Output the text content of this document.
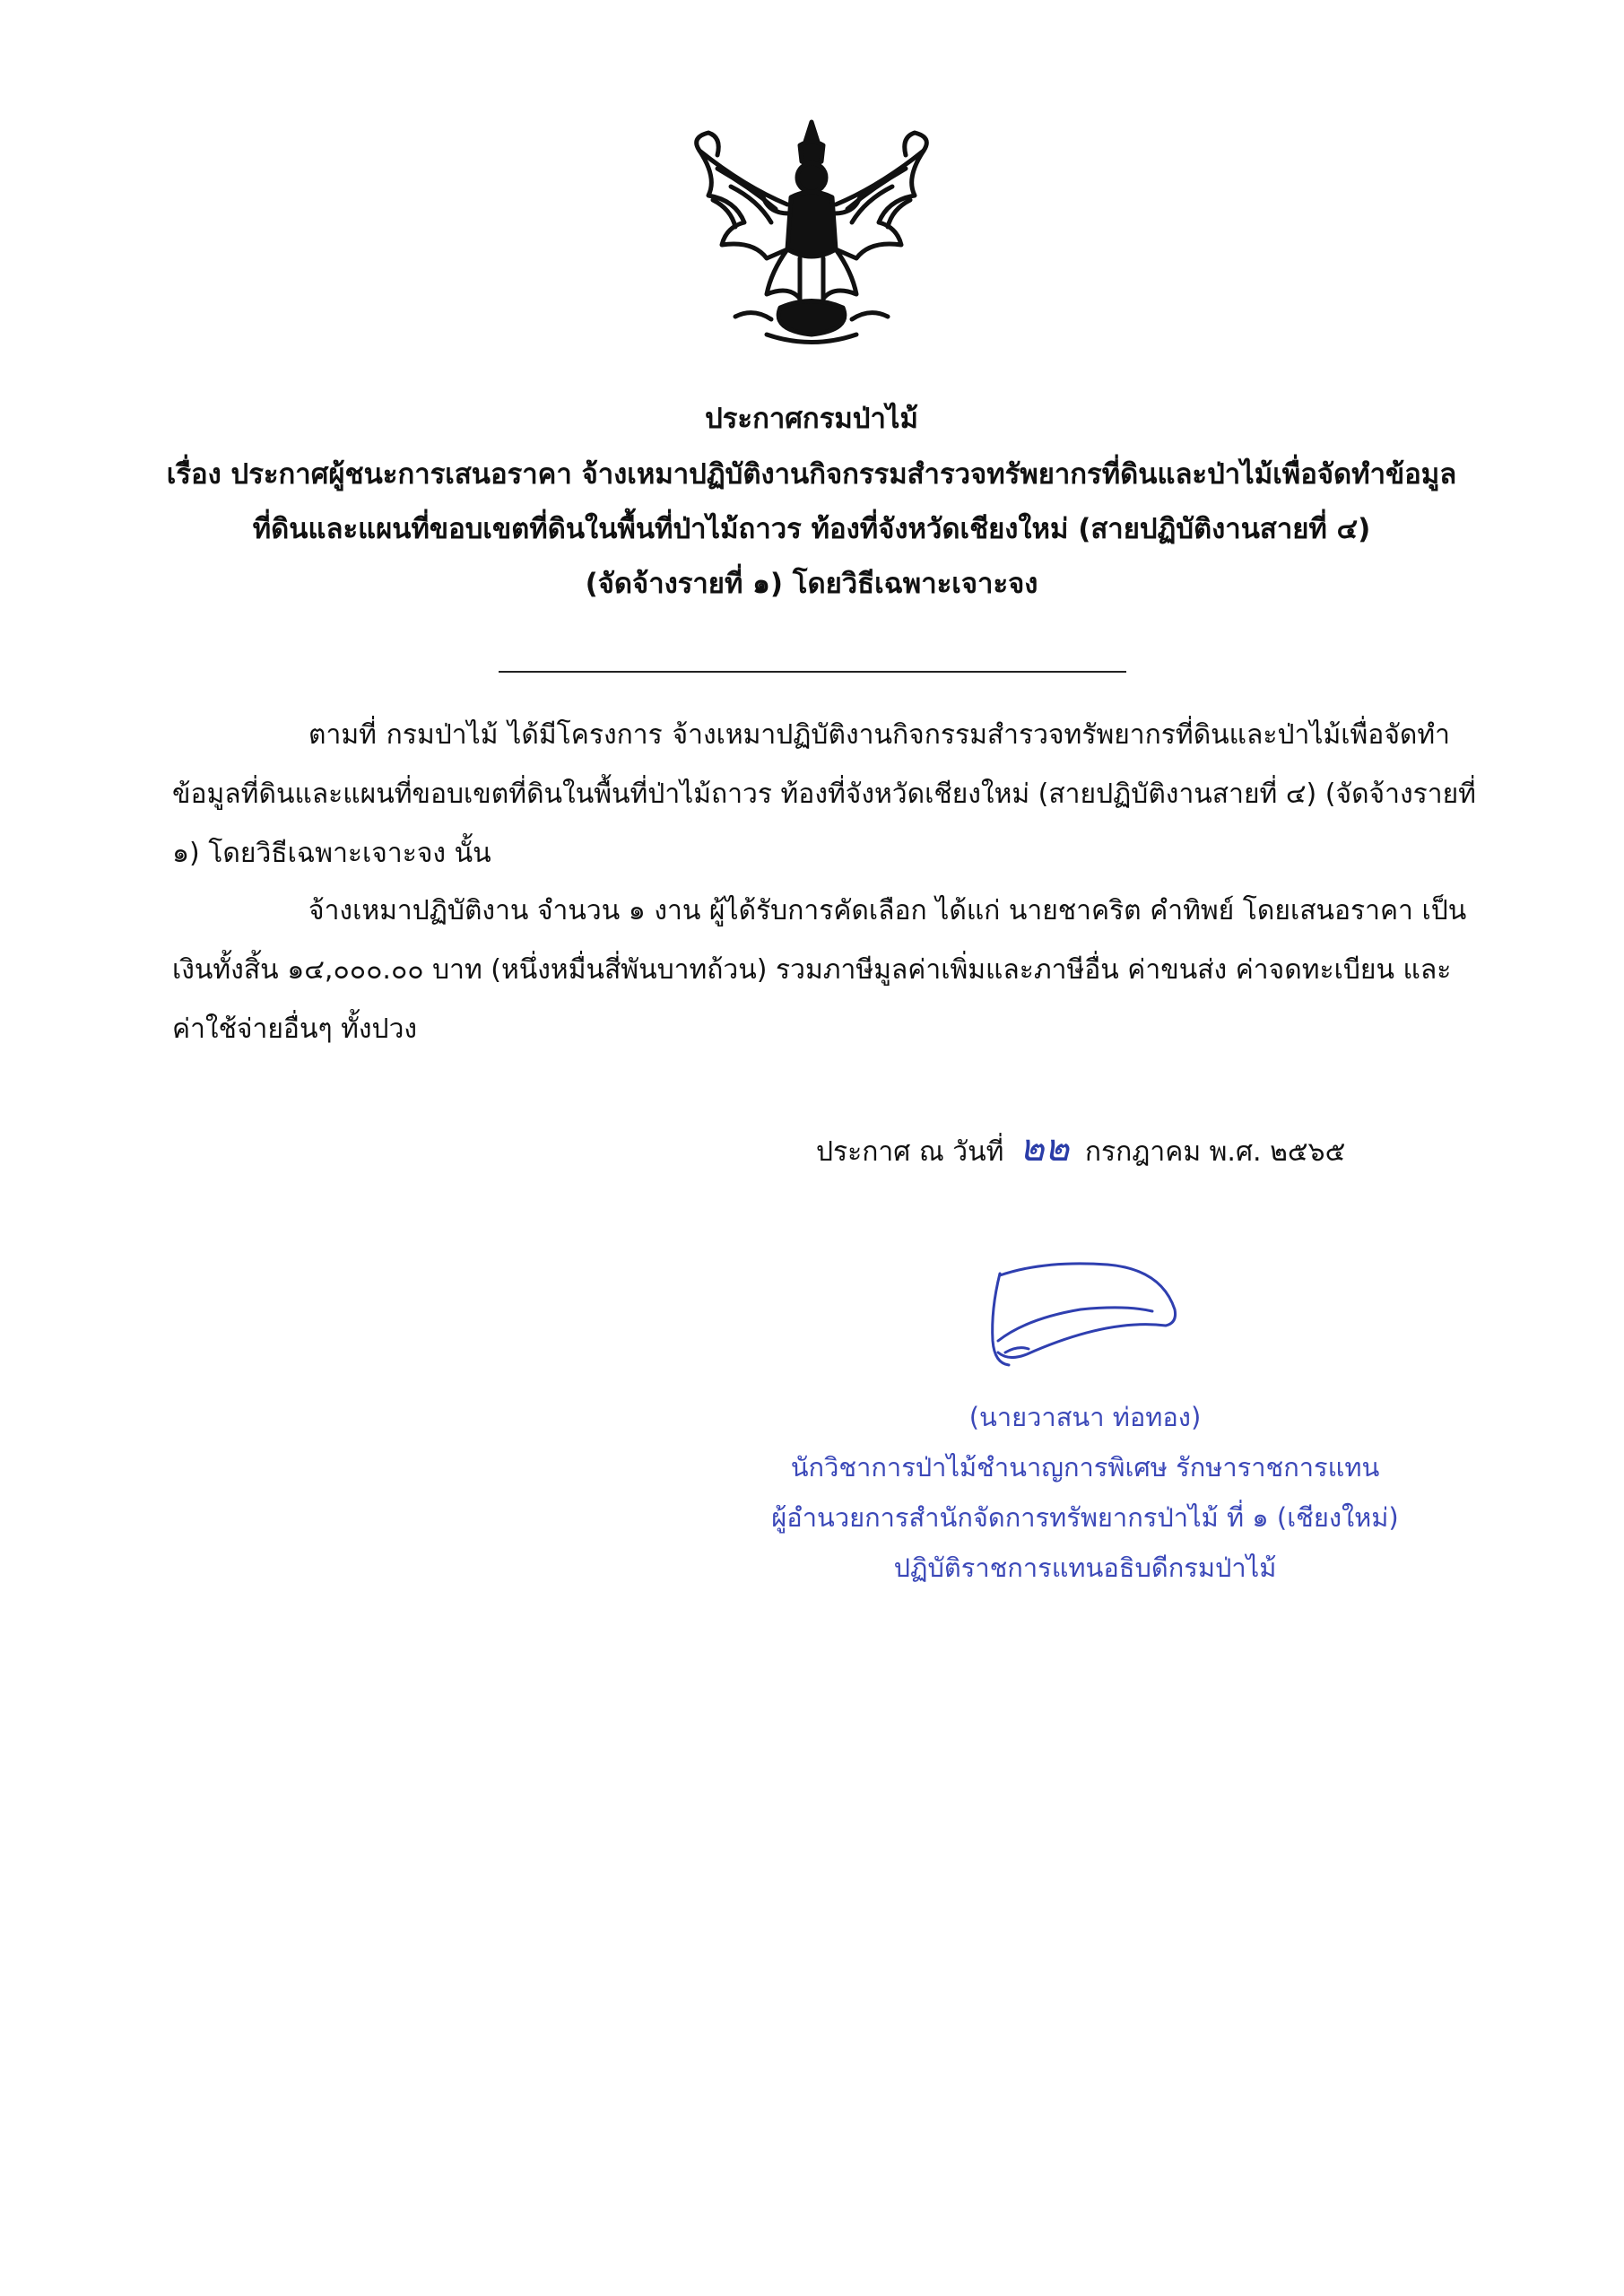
ประกาศกรมป่าไม้
เรื่อง ประกาศผู้ชนะการเสนอราคา จ้างเหมาปฏิบัติงานกิจกรรมสำรวจทรัพยากรที่ดินและป่าไม้เพื่อจัดทำข้อมูล
ที่ดินและแผนที่ขอบเขตที่ดินในพื้นที่ป่าไม้ถาวร ท้องที่จังหวัดเชียงใหม่ (สายปฏิบัติงานสายที่ ๔)
(จัดจ้างรายที่ ๑) โดยวิธีเฉพาะเจาะจง
ตามที่ กรมป่าไม้ ได้มีโครงการ จ้างเหมาปฏิบัติงานกิจกรรมสำรวจทรัพยากรที่ดินและป่าไม้เพื่อจัดทำ
ข้อมูลที่ดินและแผนที่ขอบเขตที่ดินในพื้นที่ป่าไม้ถาวร ท้องที่จังหวัดเชียงใหม่ (สายปฏิบัติงานสายที่ ๔) (จัดจ้างรายที่
๑) โดยวิธีเฉพาะเจาะจง นั้น
จ้างเหมาปฏิบัติงาน จำนวน ๑ งาน ผู้ได้รับการคัดเลือก ได้แก่ นายชาคริต คำทิพย์ โดยเสนอราคา เป็น
เงินทั้งสิ้น ๑๔,๐๐๐.๐๐ บาท (หนึ่งหมื่นสี่พันบาทถ้วน) รวมภาษีมูลค่าเพิ่มและภาษีอื่น ค่าขนส่ง ค่าจดทะเบียน และ
ค่าใช้จ่ายอื่นๆ ทั้งปวง
ประกาศ ณ วันที่ ๒๒ กรกฎาคม พ.ศ. ๒๕๖๕
(นายวาสนา ท่อทอง)
นักวิชาการป่าไม้ชำนาญการพิเศษ รักษาราชการแทน
ผู้อำนวยการสำนักจัดการทรัพยากรป่าไม้ ที่ ๑ (เชียงใหม่)
ปฏิบัติราชการแทนอธิบดีกรมป่าไม้
